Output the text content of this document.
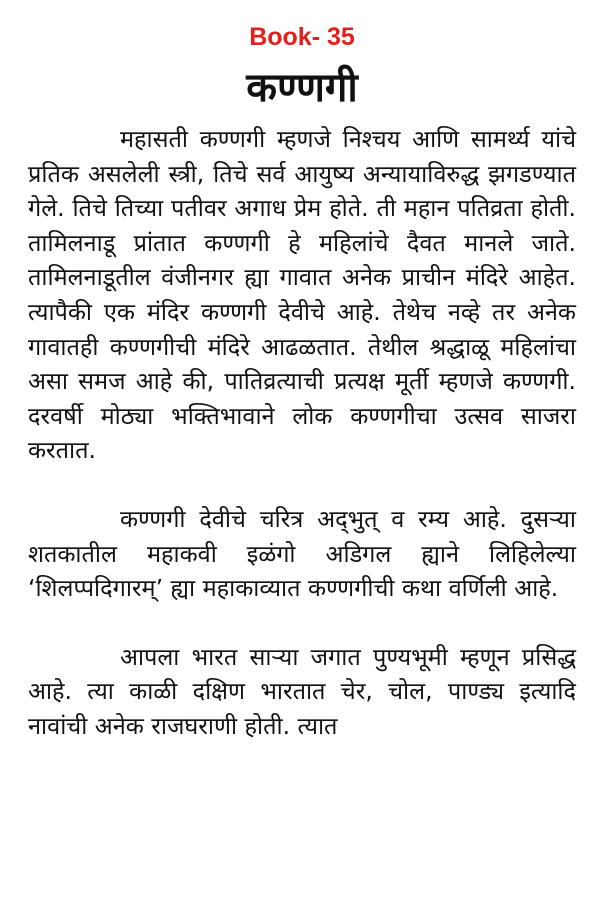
Book- 35
कण्णगी

महासती कण्णगी म्हणजे निश्चय आणि सामर्थ्य यांचे प्रतिक असलेली स्त्री, तिचे सर्व आयुष्य अन्यायाविरुद्ध झगडण्यात गेले. तिचे तिच्या पतीवर अगाध प्रेम होते. ती महान पतिव्रता होती. तामिलनाडू प्रांतात कण्णगी हे महिलांचे दैवत मानले जाते. तामिलनाडूतील वंजीनगर ह्या गावात अनेक प्राचीन मंदिरे आहेत. त्यापैकी एक मंदिर कण्णगी देवीचे आहे. तेथेच नव्हे तर अनेक गावातही कण्णगीची मंदिरे आढळतात. तेथील श्रद्धाळू महिलांचा असा समज आहे की, पातिव्रत्याची प्रत्यक्ष मूर्ती म्हणजे कण्णगी. दरवर्षी मोठ्या भक्तिभावाने लोक कण्णगीचा उत्सव साजरा करतात.

कण्णगी देवीचे चरित्र अद्‌भुत् व रम्य आहे. दुसऱ्या शतकातील महाकवी इळंगो अडिगल ह्याने लिहिलेल्या ‘शिलप्पदिगारम्’ ह्या महाकाव्यात कण्णगीची कथा वर्णिली आहे.

आपला भारत साऱ्या जगात पुण्यभूमी म्हणून प्रसिद्ध आहे. त्या काळी दक्षिण भारतात चेर, चोल, पाण्ड्य इत्यादि नावांची अनेक राजघराणी होती. त्यात
